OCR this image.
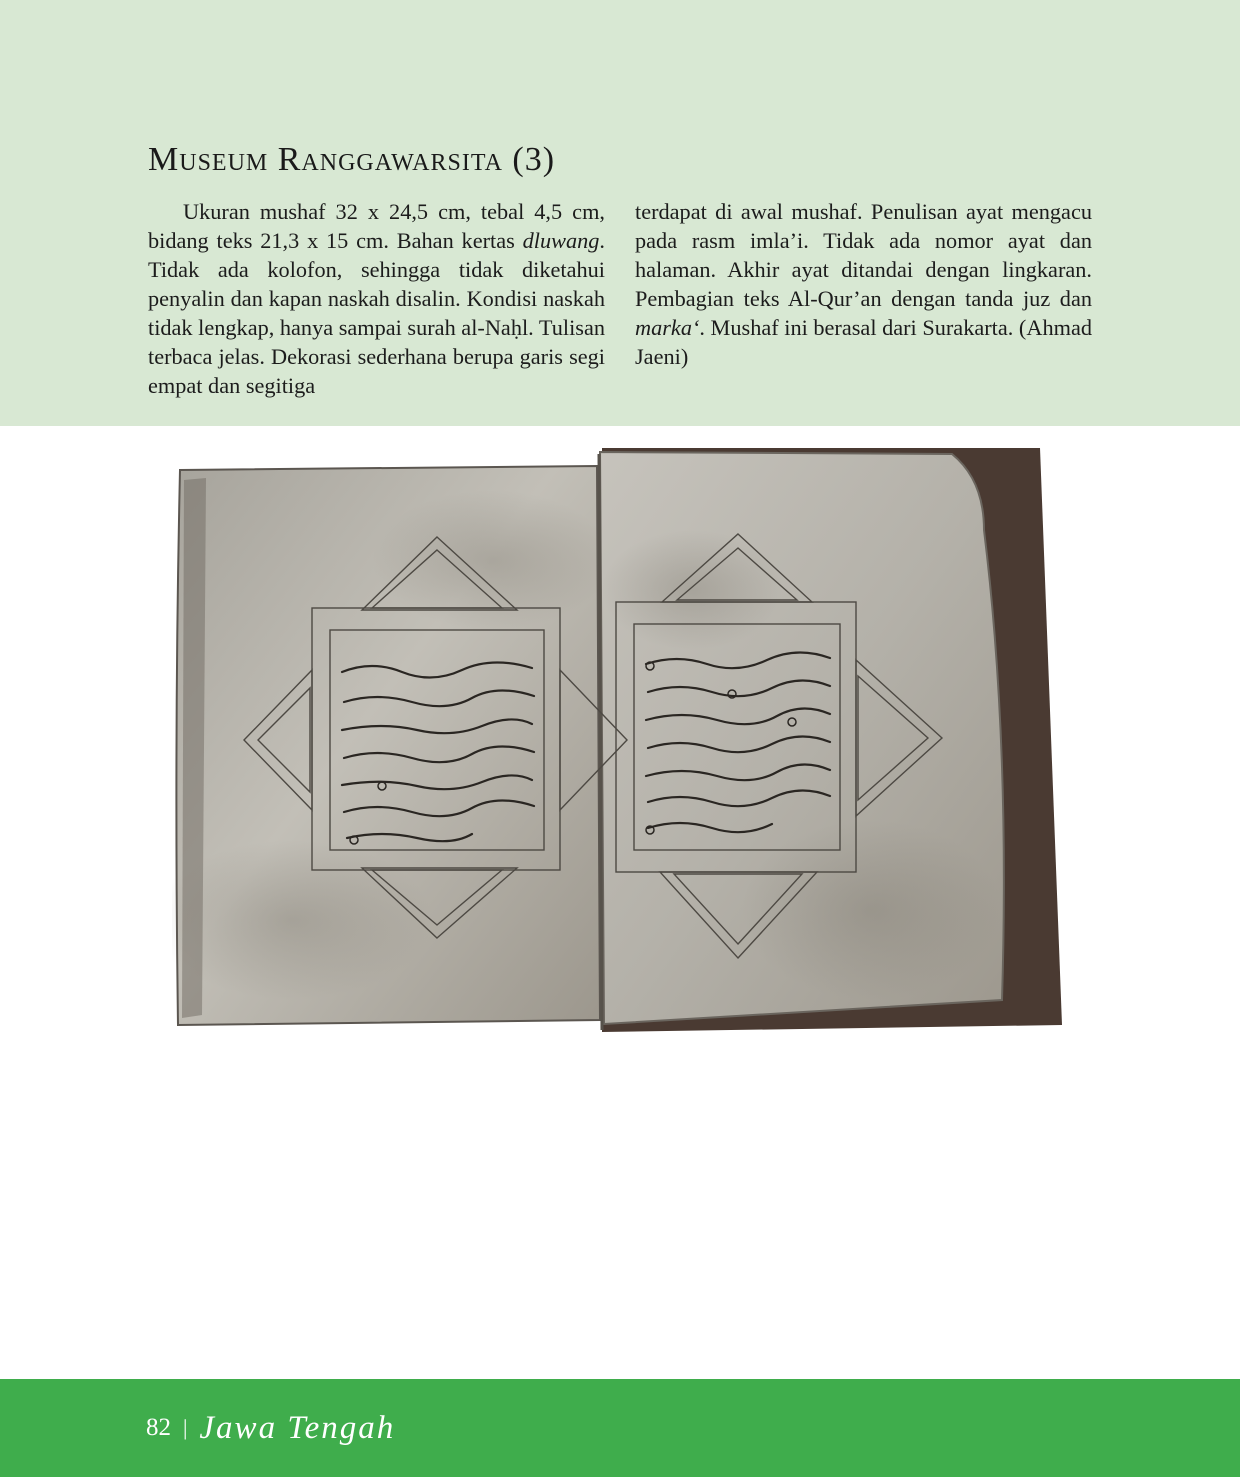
Museum Ranggawarsita (3)

Ukuran mushaf 32 x 24,5 cm, tebal 4,5 cm, bidang teks 21,3 x 15 cm. Bahan kertas dluwang. Tidak ada kolofon, sehingga tidak diketahui penyalin dan kapan naskah disalin. Kondisi naskah tidak lengkap, hanya sampai surah al-Naḥl. Tulisan terbaca jelas. Dekorasi sederhana berupa garis segi empat dan segitiga

terdapat di awal mushaf. Penulisan ayat mengacu pada rasm imla’i. Tidak ada nomor ayat dan halaman. Akhir ayat ditandai dengan lingkaran. Pembagian teks Al-Qur’an dengan tanda juz dan marka‘. Mushaf ini berasal dari Surakarta. (Ahmad Jaeni)

82 | Jawa Tengah
